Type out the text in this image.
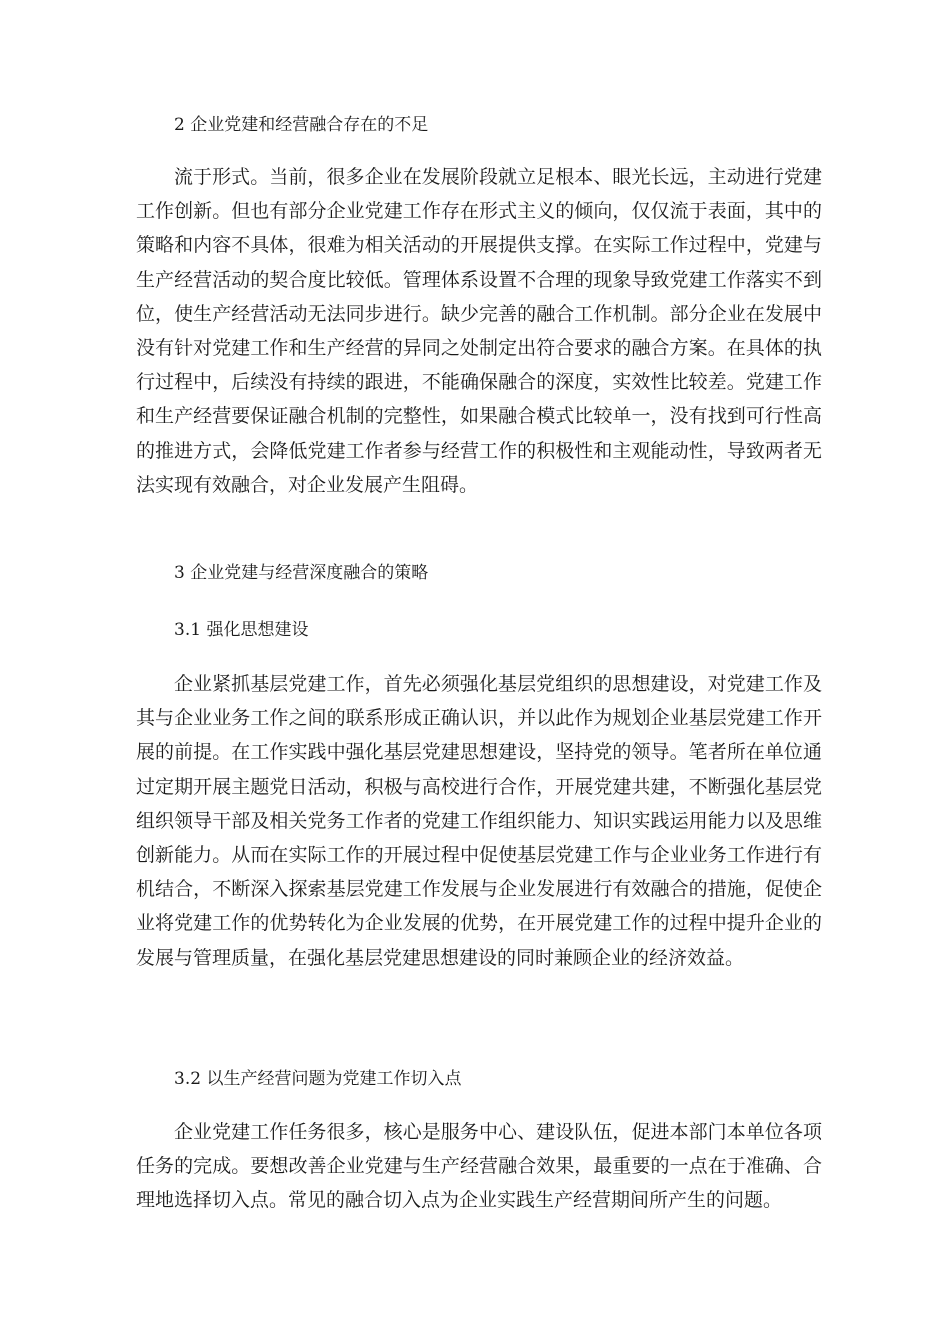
2 企业党建和经营融合存在的不足

流于形式。当前，很多企业在发展阶段就立足根本、眼光长远，主动进行党建工作创新。但也有部分企业党建工作存在形式主义的倾向，仅仅流于表面，其中的策略和内容不具体，很难为相关活动的开展提供支撑。在实际工作过程中，党建与生产经营活动的契合度比较低。管理体系设置不合理的现象导致党建工作落实不到位，使生产经营活动无法同步进行。缺少完善的融合工作机制。部分企业在发展中没有针对党建工作和生产经营的异同之处制定出符合要求的融合方案。在具体的执行过程中，后续没有持续的跟进，不能确保融合的深度，实效性比较差。党建工作和生产经营要保证融合机制的完整性，如果融合模式比较单一，没有找到可行性高的推进方式，会降低党建工作者参与经营工作的积极性和主观能动性，导致两者无法实现有效融合，对企业发展产生阻碍。

3 企业党建与经营深度融合的策略
3.1 强化思想建设

企业紧抓基层党建工作，首先必须强化基层党组织的思想建设，对党建工作及其与企业业务工作之间的联系形成正确认识，并以此作为规划企业基层党建工作开展的前提。在工作实践中强化基层党建思想建设，坚持党的领导。笔者所在单位通过定期开展主题党日活动，积极与高校进行合作，开展党建共建，不断强化基层党组织领导干部及相关党务工作者的党建工作组织能力、知识实践运用能力以及思维创新能力。从而在实际工作的开展过程中促使基层党建工作与企业业务工作进行有机结合，不断深入探索基层党建工作发展与企业发展进行有效融合的措施，促使企业将党建工作的优势转化为企业发展的优势，在开展党建工作的过程中提升企业的发展与管理质量，在强化基层党建思想建设的同时兼顾企业的经济效益。

3.2 以生产经营问题为党建工作切入点

企业党建工作任务很多，核心是服务中心、建设队伍，促进本部门本单位各项任务的完成。要想改善企业党建与生产经营融合效果，最重要的一点在于准确、合理地选择切入点。常见的融合切入点为企业实践生产经营期间所产生的问题。
